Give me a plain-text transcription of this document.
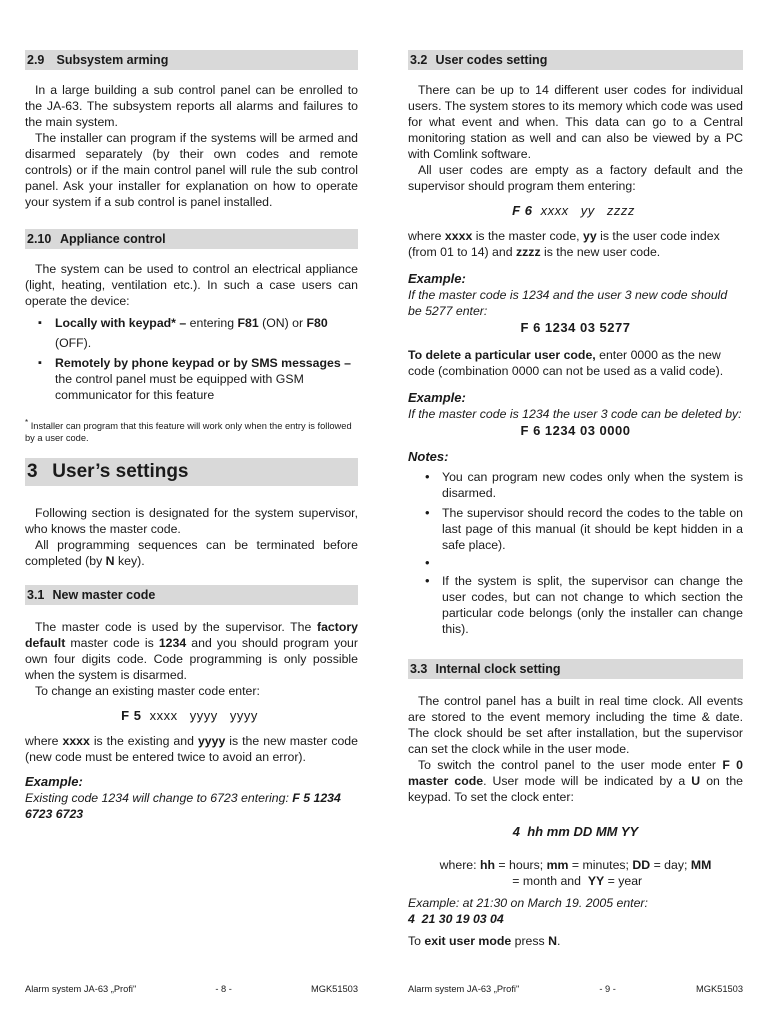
2.9 Subsystem arming

In a large building a sub control panel can be enrolled to the JA-63. The subsystem reports all alarms and failures to the main system.

The installer can program if the systems will be armed and disarmed separately (by their own codes and remote controls) or if the main control panel will rule the sub control panel. Ask your installer for explanation on how to operate your system if a sub control is panel installed.

2.10 Appliance control

The system can be used to control an electrical appliance (light, heating, ventilation etc.). In such a case users can operate the device:

▪ Locally with keypad* – entering F81 (ON) or F80 (OFF).
▪ Remotely by phone keypad or by SMS messages – the control panel must be equipped with GSM communicator for this feature
* Installer can program that this feature will work only when the entry is followed by a user code.
3 User’s settings

Following section is designated for the system supervisor, who knows the master code.

All programming sequences can be terminated before completed (by N key).

3.1 New master code

The master code is used by the supervisor. The factory default master code is 1234 and you should program your own four digits code. Code programming is only possible when the system is disarmed.

To change an existing master code enter:

F 5 xxxx yyyy yyyy

where xxxx is the existing and yyyy is the new master code (new code must be entered twice to avoid an error).

Example:

Existing code 1234 will change to 6723 entering: F 5 1234 6723 6723

3.2 User codes setting

There can be up to 14 different user codes for individual users. The system stores to its memory which code was used for what event and when. This data can go to a Central monitoring station as well and can also be viewed by a PC with Comlink software.

All user codes are empty as a factory default and the supervisor should program them entering:

F 6 xxxx yy zzzz

where xxxx is the master code, yy is the user code index (from 01 to 14) and zzzz is the new user code.

Example:

If the master code is 1234 and the user 3 new code should be 5277 enter:

F 6 1234 03 5277

To delete a particular user code, enter 0000 as the new code (combination 0000 can not be used as a valid code).

Example:

If the master code is 1234 the user 3 code can be deleted by:

F 6 1234 03 0000
Notes:
• You can program new codes only when the system is disarmed.
• The supervisor should record the codes to the table on last page of this manual (it should be kept hidden in a safe place).
•
• If the system is split, the supervisor can change the user codes, but can not change to which section the particular code belongs (only the installer can change this).
3.3 Internal clock setting

The control panel has a built in real time clock. All events are stored to the event memory including the time & date. The clock should be set after installation, but the supervisor can set the clock while in the user mode.

To switch the control panel to the user mode enter F 0 master code. User mode will be indicated by a U on the keypad. To set the clock enter:

4  hh mm DD MM YY

where: hh = hours; mm = minutes; DD = day; MM = month and  YY = year

Example: at 21:30 on March 19. 2005 enter: 4  21 30 19 03 04

To exit user mode press N.

Alarm system JA-63 „Profi"	- 8 -	MGK51503	Alarm system JA-63 „Profi"	- 9 -	MGK51503
